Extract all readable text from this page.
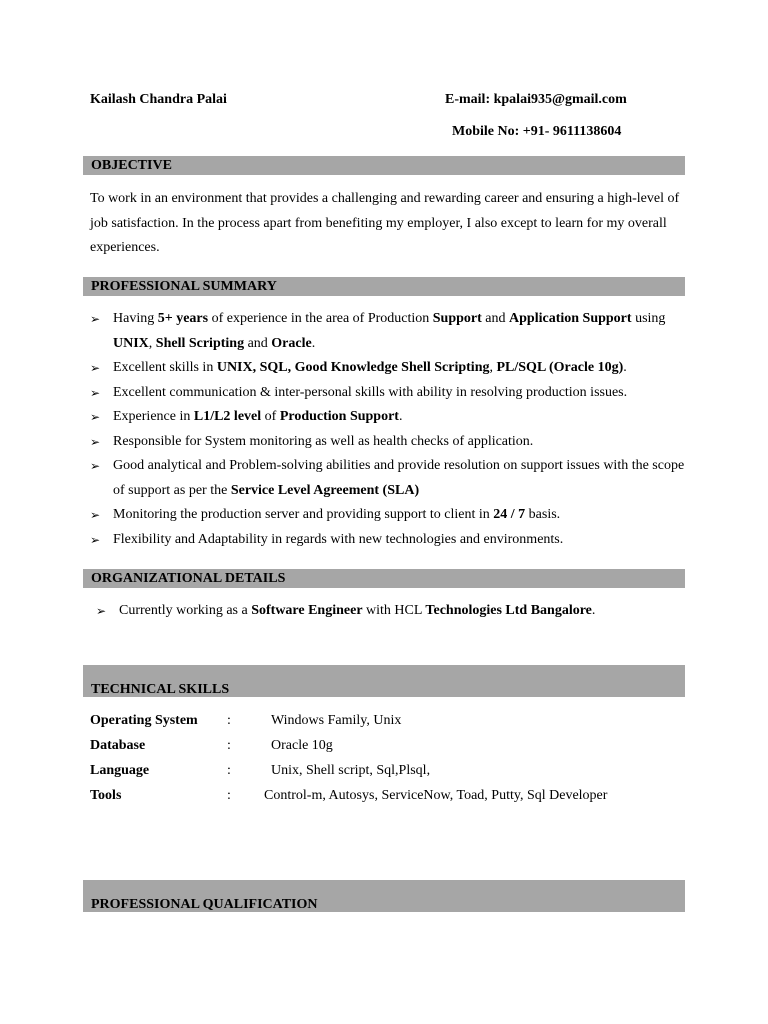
Kailash Chandra Palai	E-mail: kpalai935@gmail.com
Mobile No: +91- 9611138604
OBJECTIVE
To work in an environment that provides a challenging and rewarding career and ensuring a high-level of job satisfaction. In the process apart from benefiting my employer, I also except to learn for my overall experiences.
PROFESSIONAL SUMMARY
➢ Having 5+ years of experience in the area of Production Support and Application Support using UNIX, Shell Scripting and Oracle.
➢ Excellent skills in UNIX, SQL, Good Knowledge Shell Scripting, PL/SQL (Oracle 10g).
➢ Excellent communication & inter-personal skills with ability in resolving production issues.
➢ Experience in L1/L2 level of Production Support.
➢ Responsible for System monitoring as well as health checks of application.
➢ Good analytical and Problem-solving abilities and provide resolution on support issues with the scope of support as per the Service Level Agreement (SLA)
➢ Monitoring the production server and providing support to client in 24 / 7 basis.
➢ Flexibility and Adaptability in regards with new technologies and environments.
ORGANIZATIONAL DETAILS
➢ Currently working as a Software Engineer with HCL Technologies Ltd Bangalore.
TECHNICAL SKILLS
Operating System :	Windows Family, Unix
Database	:	Oracle 10g
Language	:	Unix, Shell script, Sql,Plsql,
Tools	: Control-m, Autosys, ServiceNow, Toad, Putty, Sql Developer
PROFESSIONAL QUALIFICATION
